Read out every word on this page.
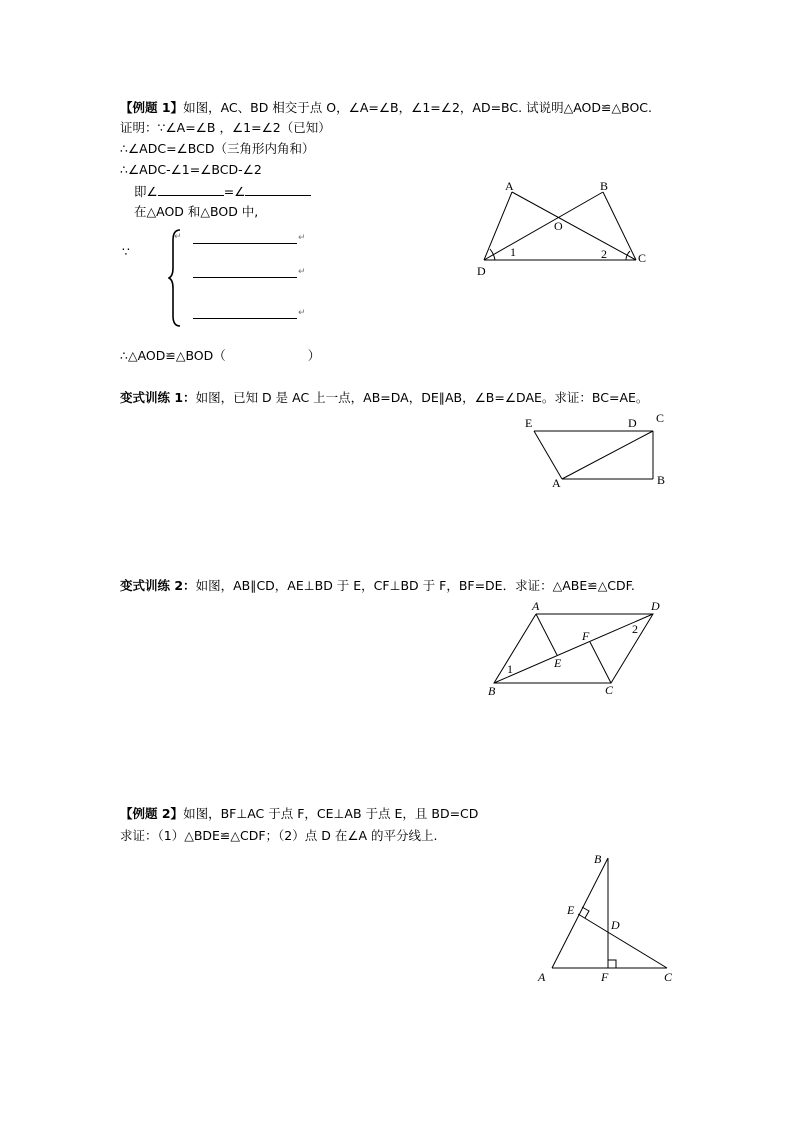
【例题 1】如图，AC、BD 相交于点 O，∠A=∠B，∠1=∠2，AD=BC. 试说明△AOD≌△BOC.
证明：∵∠A=∠B ，∠1=∠2（已知）
∴∠ADC=∠BCD（三角形内角和）
∴∠ADC-∠1=∠BCD-∠2
即∠	=∠
在△AOD 和△BOD 中,
∵
↵	↵
↵
↵
∴△AOD≌△BOD（	）
A	B
O
D
C
1	2
变式训练 1：如图，已知 D 是 AC 上一点，AB=DA，DE∥AB，∠B=∠DAE。求证：BC=AE。
E	D C
A	B
变式训练 2：如图，AB∥CD，AE⊥BD 于 E，CF⊥BD 于 F，BF=DE．求证：△ABE≌△CDF.
A	D
F	2
1	E
B	C
【例题 2】如图，BF⊥AC 于点 F，CE⊥AB 于点 E，且 BD=CD
求证：（1）△BDE≌△CDF；（2）点 D 在∠A 的平分线上.
B
E
D
A	F	C
